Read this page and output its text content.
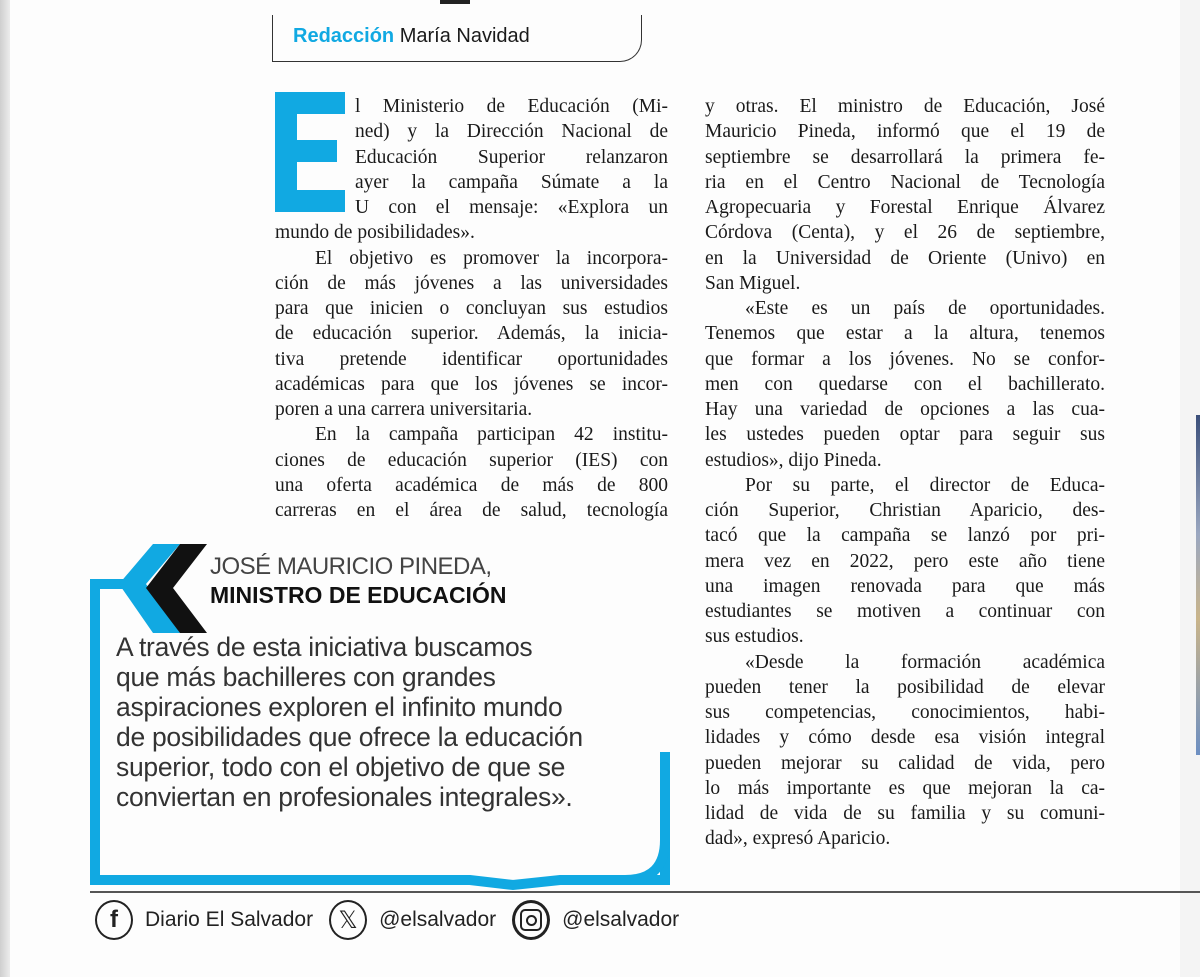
Redacción María Navidad
l Ministerio de Educación (Mi-
ned) y la Dirección Nacional de
Educación Superior relanzaron
ayer la campaña Súmate a la
U con el mensaje: «Explora un
mundo de posibilidades».
El objetivo es promover la incorpora-
ción de más jóvenes a las universidades
para que inicien o concluyan sus estudios
de educación superior. Además, la inicia-
tiva pretende identificar oportunidades
académicas para que los jóvenes se incor-
poren a una carrera universitaria.
En la campaña participan 42 institu-
ciones de educación superior (IES) con
una oferta académica de más de 800
carreras en el área de salud, tecnología
y otras. El ministro de Educación, José
Mauricio Pineda, informó que el 19 de
septiembre se desarrollará la primera fe-
ria en el Centro Nacional de Tecnología
Agropecuaria y Forestal Enrique Álvarez
Córdova (Centa), y el 26 de septiembre,
en la Universidad de Oriente (Univo) en
San Miguel.
«Este es un país de oportunidades.
Tenemos que estar a la altura, tenemos
que formar a los jóvenes. No se confor-
men con quedarse con el bachillerato.
Hay una variedad de opciones a las cua-
les ustedes pueden optar para seguir sus
estudios», dijo Pineda.
Por su parte, el director de Educa-
ción Superior, Christian Aparicio, des-
tacó que la campaña se lanzó por pri-
mera vez en 2022, pero este año tiene
una imagen renovada para que más
estudiantes se motiven a continuar con
sus estudios.
«Desde la formación académica
pueden tener la posibilidad de elevar
sus competencias, conocimientos, habi-
lidades y cómo desde esa visión integral
pueden mejorar su calidad de vida, pero
lo más importante es que mejoran la ca-
lidad de vida de su familia y su comuni-
dad», expresó Aparicio.
JOSÉ MAURICIO PINEDA,
MINISTRO DE EDUCACIÓN
A través de esta iniciativa buscamos
que más bachilleres con grandes
aspiraciones exploren el infinito mundo
de posibilidades que ofrece la educación
superior, todo con el objetivo de que se
conviertan en profesionales integrales».
f Diario El Salvador 𝕏 @elsalvador	@elsalvador
